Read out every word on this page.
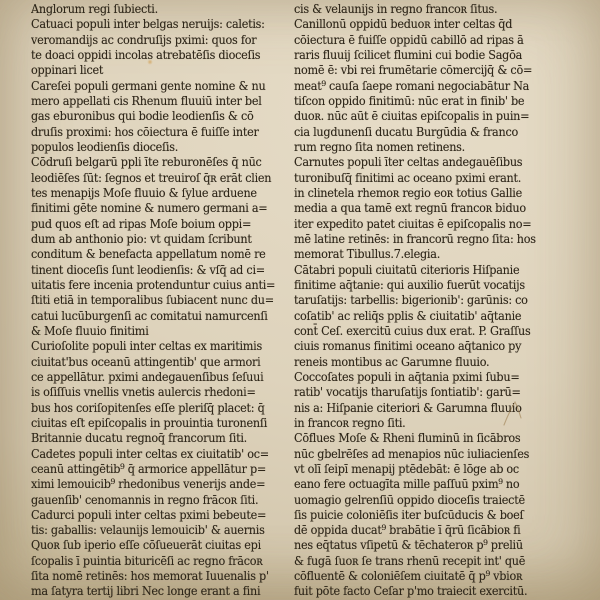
Anglorum regi ſubiecti.
Catuaci populi inter belgas neruijs: caletis:
veromandijs ac condruſijs pximi: quos for
te doaci oppidi incolas atrebatēſis dioceſis
oppinari licet
Careſei populi germani gente nomine & nu
mero appellati cis Rhenum fluuiū inter bel
gas eburonibus qui bodie leodienſis & cō
druſis proximi: hos cōiectura ē fuiſſe inter
populos leodienſis dioceſis.
Cōdruſi belgarū ppli īte reburonēſes q̄ nūc
leodiēſes ſūt: ſegnos et treuiroſ q̄ʀ erāt clien
tes menapijs Moſe fluuio & ſylue arduene
finitimi gēte nomine & numero germani a=
pud quos eſt ad ripas Moſe boium oppi=
dum ab anthonio pio: vt quidam ſcribunt
conditum & benefacta appellatum nomē re
tinent dioceſis ſunt leodienſis: & vſq̄ ad ci=
uitatis fere incenia protenduntur cuius anti=
ſtiti etiā in temporalibus ſubiacent nunc du=
catui lucūburgenſi ac comitatui namurcenſi
& Moſe fluuio finitimi
Curioſolite populi inter celtas ex maritimis
ciuitat'bus oceanū attingentib' que armori
ce appellātur. pximi andegauenſibus ſeſuui
is oſiſſuis vnellis vnetis aulercis rhedoni=
bus hos coriſopitenſes eſſe pleriſq̄ placet: q̄
ciuitas eſt epiſcopalis in prouintia turonenſi
Britannie ducatu regnoq̄ francorum ſiti.
Cadetes populi inter celtas ex ciuitatib' oc=
ceanū attingētib⁹ q̄ armorice appellātur p=
ximi lemouicib⁹ rhedonibus venerijs ande=
gauenſib' cenomannis in regno frācoʀ ſiti.
Cadurci populi inter celtas pximi bebeute=
tis: gaballis: velaunijs lemouicib' & auernis
Quoʀ ſub iperio eſſe cōſueuerāt ciuitas epi
ſcopalis ī puintia bituricēſi ac regno frācoʀ
ſita nomē retinēs: hos memorat Iuuenalis p'
ma ſatyra tertij libri Nec longe erant a fini
cis & velaunijs in regno francoʀ ſitus.
Canillonū oppidū beduoʀ inter celtas q̄d
cōiectura ē fuiſſe oppidū cabillō ad ripas ā
raris fluuij ſcilicet flumini cui bodie Sagōa
nomē ē: vbi rei frumētarie cōmercijq̄ & cō=
meat⁹ cauſa ſaepe romani negociabātur Na
tiſcon oppido finitimū: nūc erat in finib' be
duoʀ. nūc aūt ē ciuitas epiſcopalis in puin=
cia lugdunenſi ducatu Burgūdia & franco
rum regno ſita nomen retinens.
Carnutes populi īter celtas andegauēſibus
turonibuſq̄ finitimi ac oceano pximi erant.
in clinetela rhemoʀ regio eoʀ totius Gallie
media a qua tamē ext regnū francoʀ biduo
iter expedito patet ciuitas ē epiſcopalis no=
mē latine retinēs: in francorū regno ſita: hos
memorat Tibullus.7.elegia.
Cātabri populi ciuitatū citerioris Hiſpanie
finitime aq̄tanie: qui auxilio fuerūt vocatijs
taruſatijs: tarbellis: bigerionib': garūnis: co
coſatib' ac reliq̄s pplis & ciuitatib' aq̄tanie
cont̄ Ceſ. exercitū cuius dux erat. P. Graſſus
ciuis romanus finitimi oceano aq̄tanico py
reneis montibus ac Garumne fluuio.
Coccoſates populi in aq̄tania pximi ſubu=
ratib' vocatijs tharuſatijs ſontiatib': garū=
nis a: Hiſpanie citeriori & Garumna fluuio
in francoʀ regno ſiti.
Cōflues Moſe & Rheni fluminū in ſicābros
nūc gbelrēſes ad menapios nūc iuliacienſes
vt olī ſeipī menapij ptēdebāt: ē lōge ab oc
eano fere octuagīta mille paſſuū pxim⁹ no
uomagio gelrenſiū oppido dioceſis traiectē
ſis puicie coloniēſis iter buſcūducis & boeſ
dē oppida ducat⁹ brabātie ī q̄rū ſicābioʀ fi
nes eq̄tatus vſipetū & tēchateroʀ p⁹ preliū
& fugā ſuoʀ ſe trans rhenū recepit int' quē
cōfluentē & coloniēſem ciuitatē q̄ p⁹ vbioʀ
fuit pōte facto Ceſar p'mo traiecit exercitū.
